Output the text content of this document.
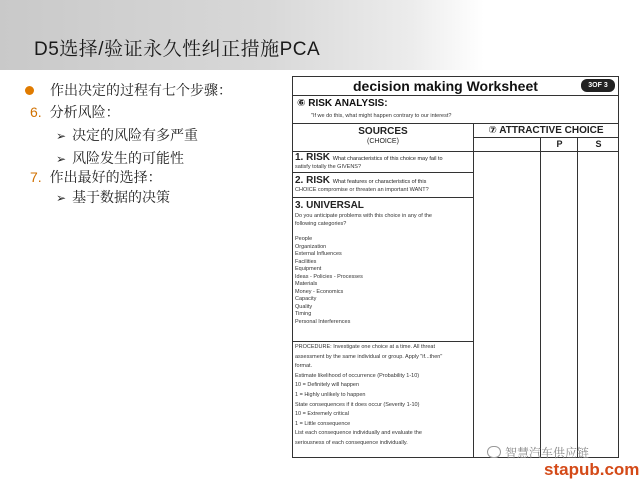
D5选择/验证永久性纠正措施PCA
作出决定的过程有七个步骤：
6. 分析风险：
➢ 决定的风险有多严重
➢ 风险发生的可能性
7. 作出最好的选择：
➢ 基于数据的决策
decision making Worksheet	3OF 3
⑥ RISK ANALYSIS:
"If we do this, what might happen contrary to our interest?
SOURCES
(CHOICE)
⑦ ATTRACTIVE CHOICE
P	S
1. RISK What characteristics of this choice may fail to
satisfy totally the GIVENS?
2. RISK What features or characteristics of this
CHOICE compromise or threaten an important WANT?
3. UNIVERSAL
Do you anticipate problems with this choice in any of the following categories?
People
Organization
External Influences
Facilities
Equipment
Ideas - Policies - Processes
Materials
Money - Economics
Capacity
Quality
Timing
Personal Interferences
PROCEDURE: Investigate one choice at a time. All threat
assessment by the same individual or group. Apply "if...then"
format.
Estimate likelihood of occurrence (Probability 1-10)
10 = Definitely will happen
1 = Highly unlikely to happen
State consequences if it does occur (Severity 1-10)
10 = Extremely critical
1 = Little consequence
List each consequence individually and evaluate the
seriousness of each consequence individually.
智慧汽车供应链
stapub.com
